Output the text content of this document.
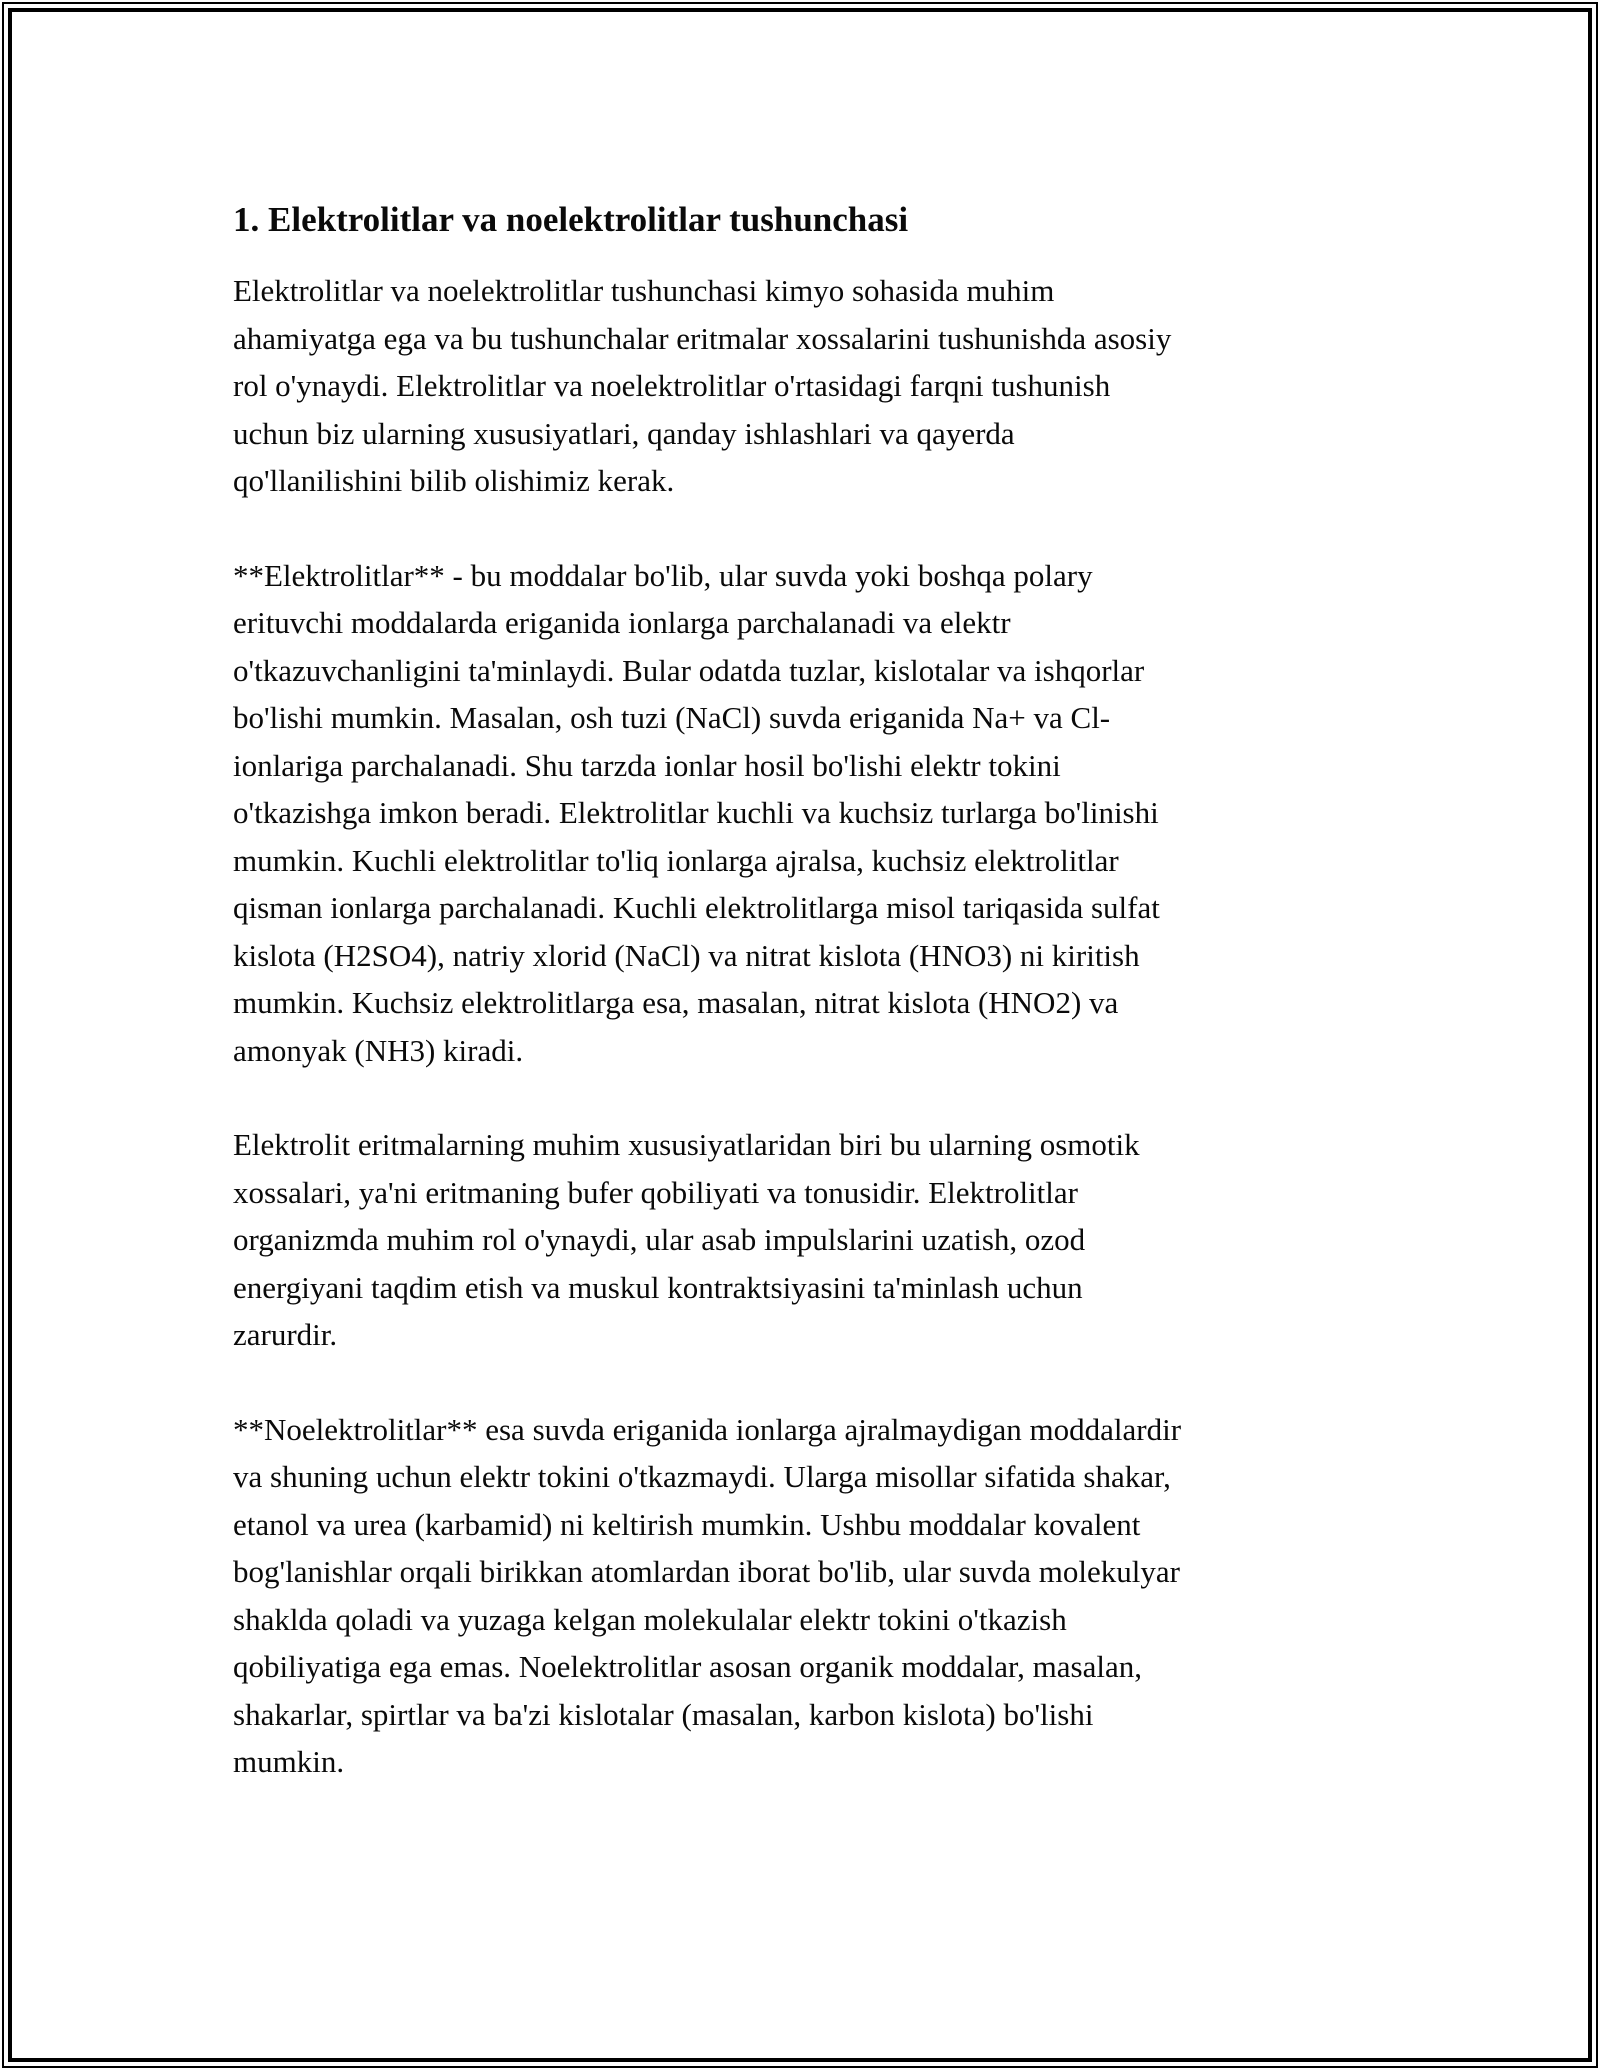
1. Elektrolitlar va noelektrolitlar tushunchasi
Elektrolitlar va noelektrolitlar tushunchasi kimyo sohasida muhim
ahamiyatga ega va bu tushunchalar eritmalar xossalarini tushunishda asosiy
rol o'ynaydi. Elektrolitlar va noelektrolitlar o'rtasidagi farqni tushunish
uchun biz ularning xususiyatlari, qanday ishlashlari va qayerda
qo'llanilishini bilib olishimiz kerak.
**Elektrolitlar** - bu moddalar bo'lib, ular suvda yoki boshqa polary
erituvchi moddalarda eriganida ionlarga parchalanadi va elektr
o'tkazuvchanligini ta'minlaydi. Bular odatda tuzlar, kislotalar va ishqorlar
bo'lishi mumkin. Masalan, osh tuzi (NaCl) suvda eriganida Na+ va Cl-
ionlariga parchalanadi. Shu tarzda ionlar hosil bo'lishi elektr tokini
o'tkazishga imkon beradi. Elektrolitlar kuchli va kuchsiz turlarga bo'linishi
mumkin. Kuchli elektrolitlar to'liq ionlarga ajralsa, kuchsiz elektrolitlar
qisman ionlarga parchalanadi. Kuchli elektrolitlarga misol tariqasida sulfat
kislota (H2SO4), natriy xlorid (NaCl) va nitrat kislota (HNO3) ni kiritish
mumkin. Kuchsiz elektrolitlarga esa, masalan, nitrat kislota (HNO2) va
amonyak (NH3) kiradi.
Elektrolit eritmalarning muhim xususiyatlaridan biri bu ularning osmotik
xossalari, ya'ni eritmaning bufer qobiliyati va tonusidir. Elektrolitlar
organizmda muhim rol o'ynaydi, ular asab impulslarini uzatish, ozod
energiyani taqdim etish va muskul kontraktsiyasini ta'minlash uchun
zarurdir.
**Noelektrolitlar** esa suvda eriganida ionlarga ajralmaydigan moddalardir
va shuning uchun elektr tokini o'tkazmaydi. Ularga misollar sifatida shakar,
etanol va urea (karbamid) ni keltirish mumkin. Ushbu moddalar kovalent
bog'lanishlar orqali birikkan atomlardan iborat bo'lib, ular suvda molekulyar
shaklda qoladi va yuzaga kelgan molekulalar elektr tokini o'tkazish
qobiliyatiga ega emas. Noelektrolitlar asosan organik moddalar, masalan,
shakarlar, spirtlar va ba'zi kislotalar (masalan, karbon kislota) bo'lishi
mumkin.
